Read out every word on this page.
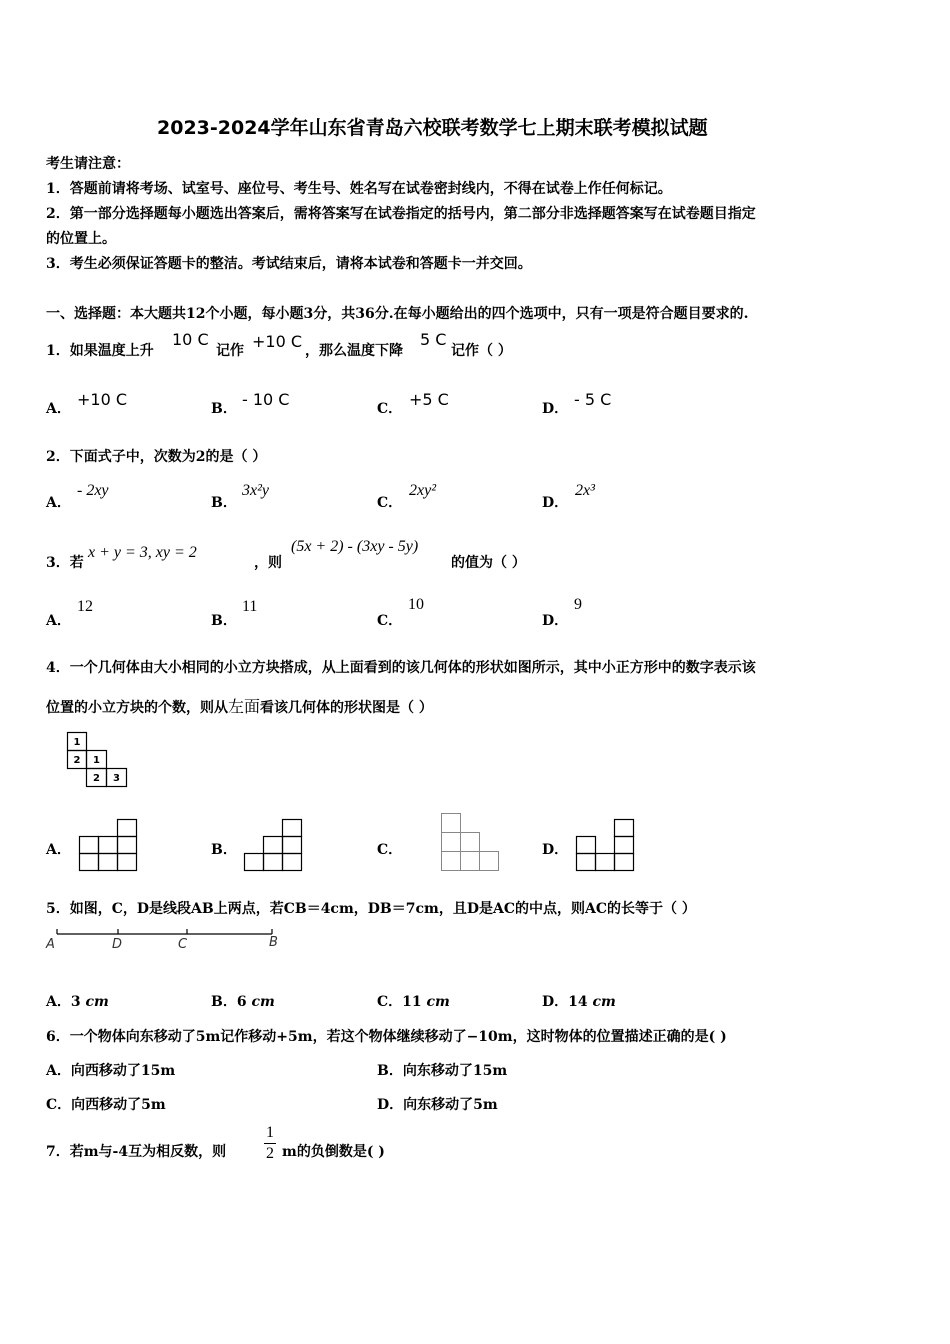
2023-2024学年山东省青岛六校联考数学七上期末联考模拟试题
考生请注意：
1．答题前请将考场、试室号、座位号、考生号、姓名写在试卷密封线内，不得在试卷上作任何标记。
2．第一部分选择题每小题选出答案后，需将答案写在试卷指定的括号内，第二部分非选择题答案写在试卷题目指定
的位置上。
3．考生必须保证答题卡的整洁。考试结束后，请将本试卷和答题卡一并交回。
一、选择题：本大题共12个小题，每小题3分，共36分.在每小题给出的四个选项中，只有一项是符合题目要求的.
1．如果温度上升
10 C
记作 +10 C ，那么温度下降
5 C
记作（ ）
A． +10 C	B． - 10 C	C． +5 C	D． - 5 C
2．下面式子中，次数为2的是（ ）
A．
- 2xy
B．
3x²y
C．
2xy²
D．
2x³
3．若
x + y = 3, xy = 2
，则
(5x + 2) - (3xy - 5y)
的值为（ ）
A．
12
B．
11
C．
10
D．
9
4．一个几何体由大小相同的小立方块搭成，从上面看到的该几何体的形状如图所示，其中小正方形中的数字表示该
位置的小立方块的个数，则从左面看该几何体的形状图是（ ）
1
2 1
2 3
A．	B．	C．	D．
5．如图，C，D是线段AB上两点，若CB＝4cm，DB＝7cm，且D是AC的中点，则AC的长等于（ ）
A	D	C	B
A．3 cm	B．6 cm	C．11 cm	D．14 cm
6．一个物体向东移动了5m记作移动+5m，若这个物体继续移动了−10m，这时物体的位置描述正确的是( )
A．向西移动了15m	B．向东移动了15m
C．向西移动了5m	D．向东移动了5m
7．若m与-4互为相反数，则
1
2 m的负倒数是( )
